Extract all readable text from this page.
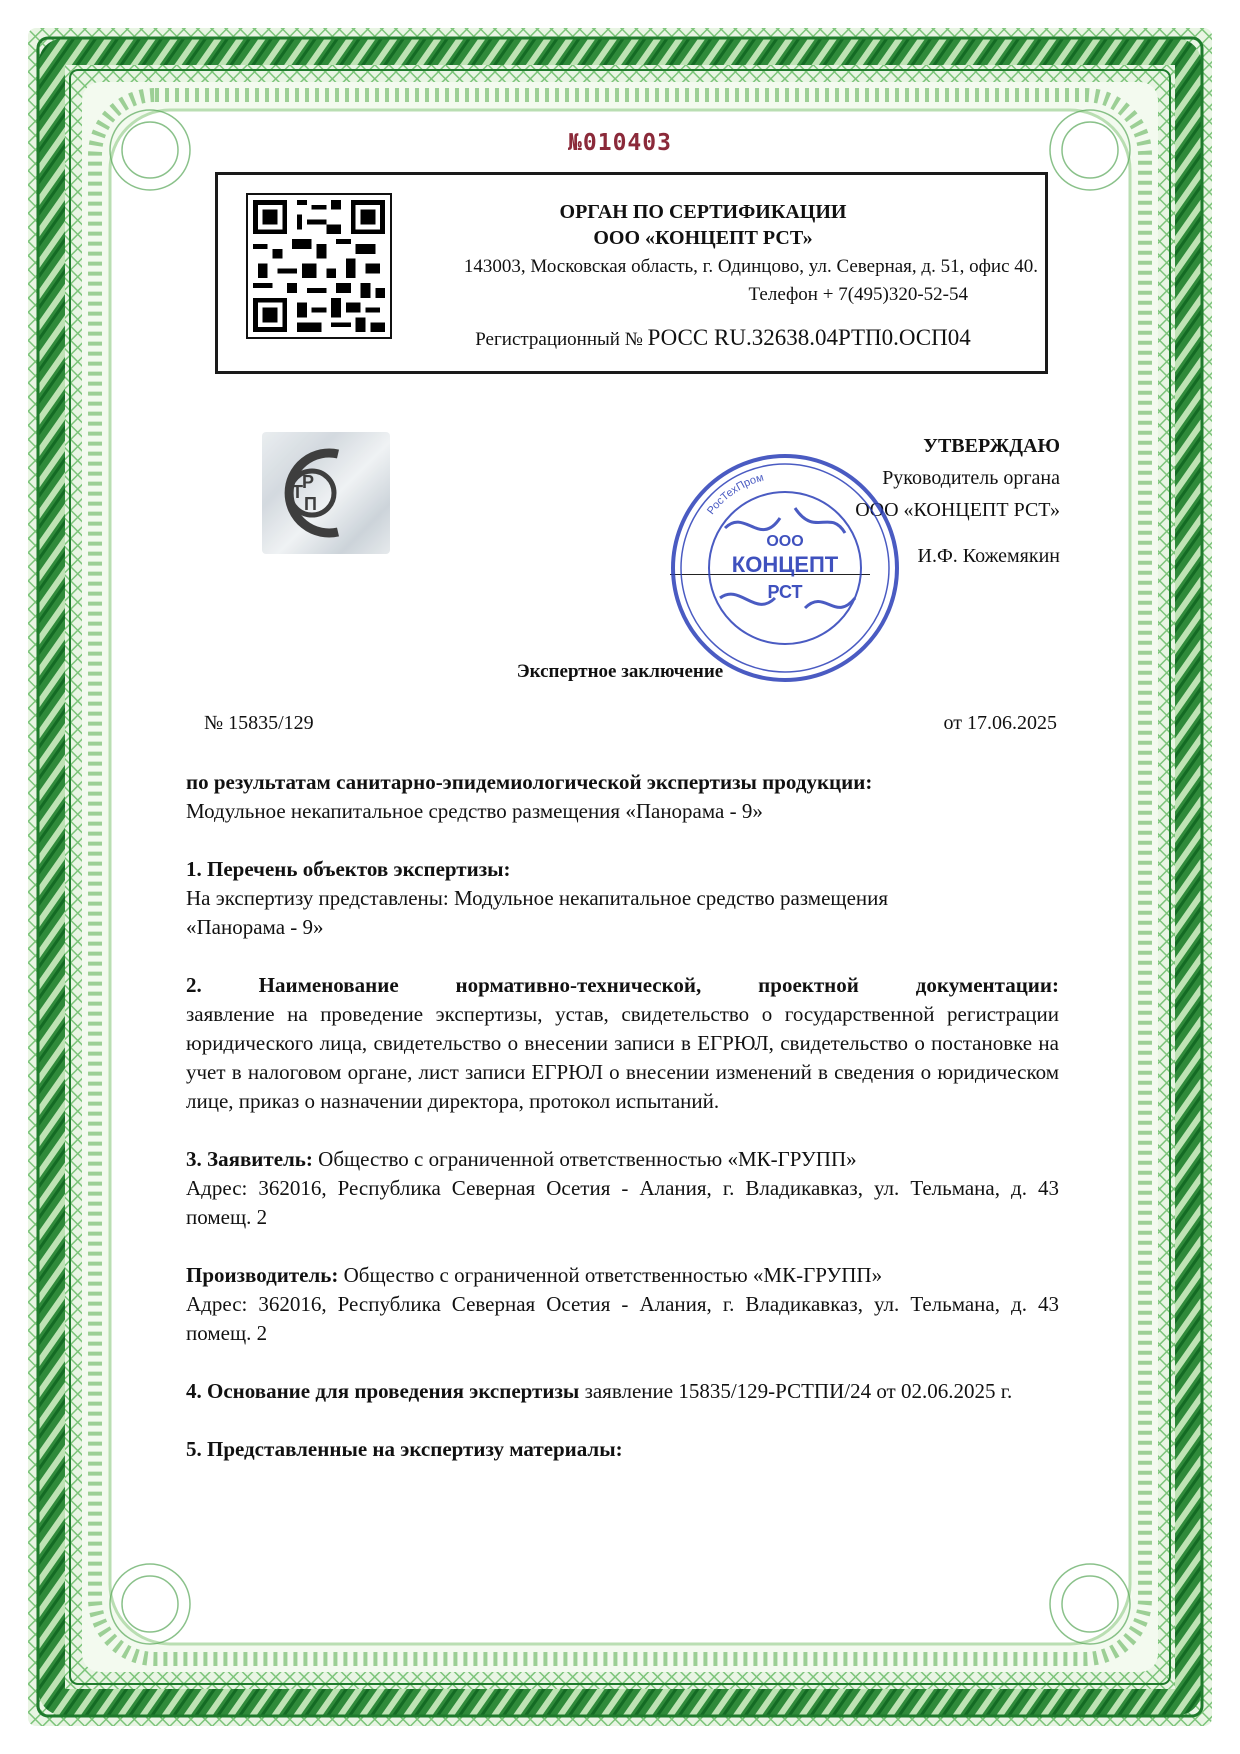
№010403
ОРГАН ПО СЕРТИФИКАЦИИ
ООО «КОНЦЕПТ РСТ»
143003, Московская область, г. Одинцово, ул. Северная, д. 51, офис 40.
Телефон + 7(495)320-52-54
Регистрационный № РОСС RU.32638.04РТП0.ОСП04
Р
Т
П
УТВЕРЖДАЮ
Руководитель органа
ООО «КОНЦЕПТ РСТ»
И.Ф. Кожемякин
РосТехПром
ООО
КОНЦЕПТ
РСТ
Экспертное заключение
№ 15835/129	от 17.06.2025

по результатам санитарно-эпидемиологической экспертизы продукции:

Модульное некапитальное средство размещения «Панорама - 9»

1. Перечень объектов экспертизы:

На экспертизу представлены: Модульное некапитальное средство размещения

«Панорама - 9»

2. Наименование нормативно-технической, проектной документации:

заявление на проведение экспертизы, устав, свидетельство о государственной регистрации юридического лица, свидетельство о внесении записи в ЕГРЮЛ, свидетельство о постановке на учет в налоговом органе, лист записи ЕГРЮЛ о внесении изменений в сведения о юридическом лице, приказ о назначении директора, протокол испытаний.

3. Заявитель: Общество с ограниченной ответственностью «МК-ГРУПП»

Адрес: 362016, Республика Северная Осетия - Алания, г. Владикавказ, ул. Тельмана, д. 43 помещ. 2

Производитель: Общество с ограниченной ответственностью «МК-ГРУПП»

Адрес: 362016, Республика Северная Осетия - Алания, г. Владикавказ, ул. Тельмана, д. 43 помещ. 2

4. Основание для проведения экспертизы заявление 15835/129-РСТПИ/24 от 02.06.2025 г.

5. Представленные на экспертизу материалы:
